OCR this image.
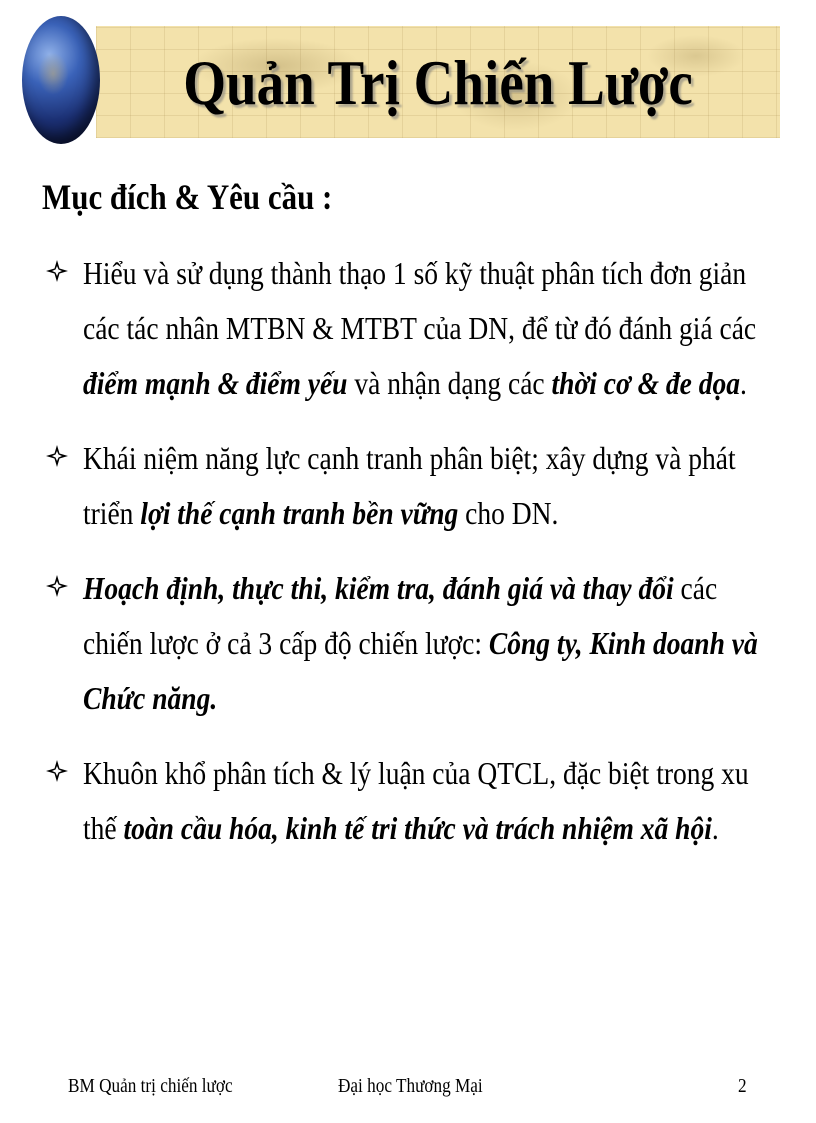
Quản Trị Chiến Lược
Mục đích & Yêu cầu :
Hiểu và sử dụng thành thạo 1 số kỹ thuật phân tích đơn giản các tác nhân MTBN & MTBT của DN, để từ đó đánh giá các điểm mạnh & điểm yếu và nhận dạng các thời cơ & đe dọa.
Khái niệm năng lực cạnh tranh phân biệt; xây dựng và phát triển lợi thế cạnh tranh bền vững cho DN.
Hoạch định, thực thi, kiểm tra, đánh giá và thay đổi các chiến lược ở cả 3 cấp độ chiến lược: Công ty, Kinh doanh và Chức năng.
Khuôn khổ phân tích & lý luận của QTCL, đặc biệt trong xu thế toàn cầu hóa, kinh tế tri thức và trách nhiệm xã hội.
BM Quản trị chiến lược	Đại học Thương Mại	2
